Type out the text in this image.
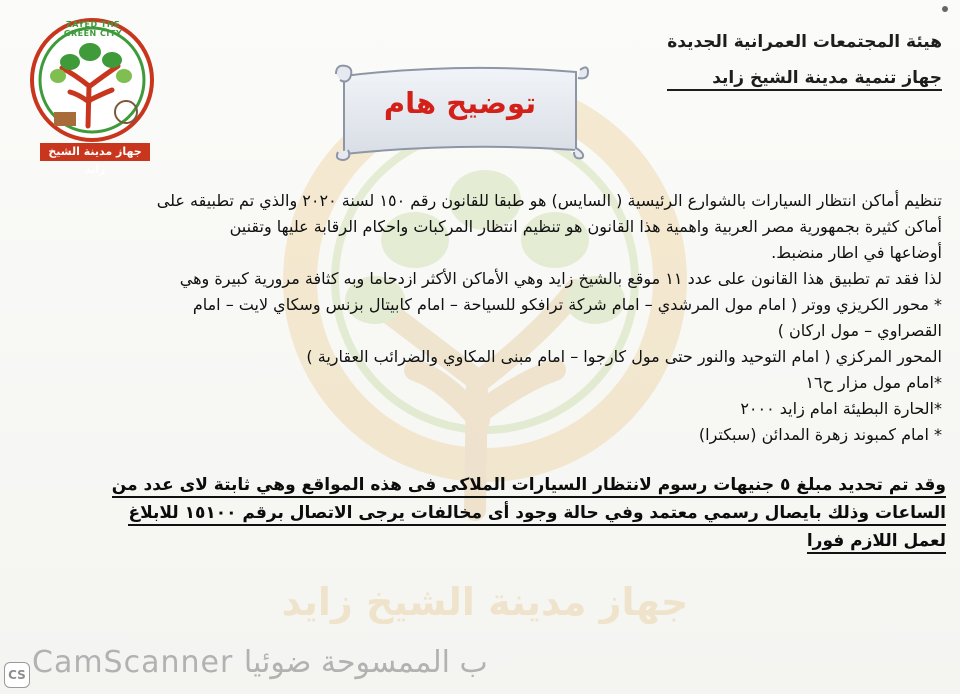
جهاز مدينة الشيخ زايد
ZAYED THE GREEN CITY
جهاز مدينة الشيخ زايد
هيئة المجتمعات العمرانية الجديدة
جهاز تنمية مدينة الشيخ زايد
توضيح هام
تنظيم أماكن انتظار السيارات بالشوارع الرئيسية ( السايس) هو طبقا للقانون رقم ١٥٠ لسنة ٢٠٢٠ والذي تم تطبيقه على
أماكن كثيرة بجمهورية مصر العربية واهمية هذا القانون هو تنظيم انتظار المركبات واحكام الرقابة عليها وتقنين
أوضاعها في اطار منضبط.
لذا فقد تم تطبيق هذا القانون على عدد ١١ موقع بالشيخ زايد وهي الأماكن الأكثر ازدحاما وبه كثافة مرورية كبيرة وهي
* محور الكريزي ووتر ( امام مول المرشدي – امام شركة ترافكو للسياحة – امام كابيتال بزنس وسكاي لايت – امام
القصراوي – مول اركان )
المحور المركزي ( امام التوحيد والنور حتى مول كارجوا – امام مبنى المكاوي والضرائب العقارية )
*امام مول مزار ح١٦
*الحارة البطيئة امام زايد ٢٠٠٠
* امام كمبوند زهرة المدائن (سبكترا)
وقد تم تحديد مبلغ ٥ جنيهات رسوم لانتظار السيارات الملاكى فى هذه المواقع وهي ثابتة لاى عدد من
الساعات وذلك بايصال رسمي معتمد وفي حالة وجود أى مخالفات يرجى الاتصال برقم ١٥١٠٠ للابلاغ
لعمل اللازم فورا
CS CamScanner ب الممسوحة ضوئيا
